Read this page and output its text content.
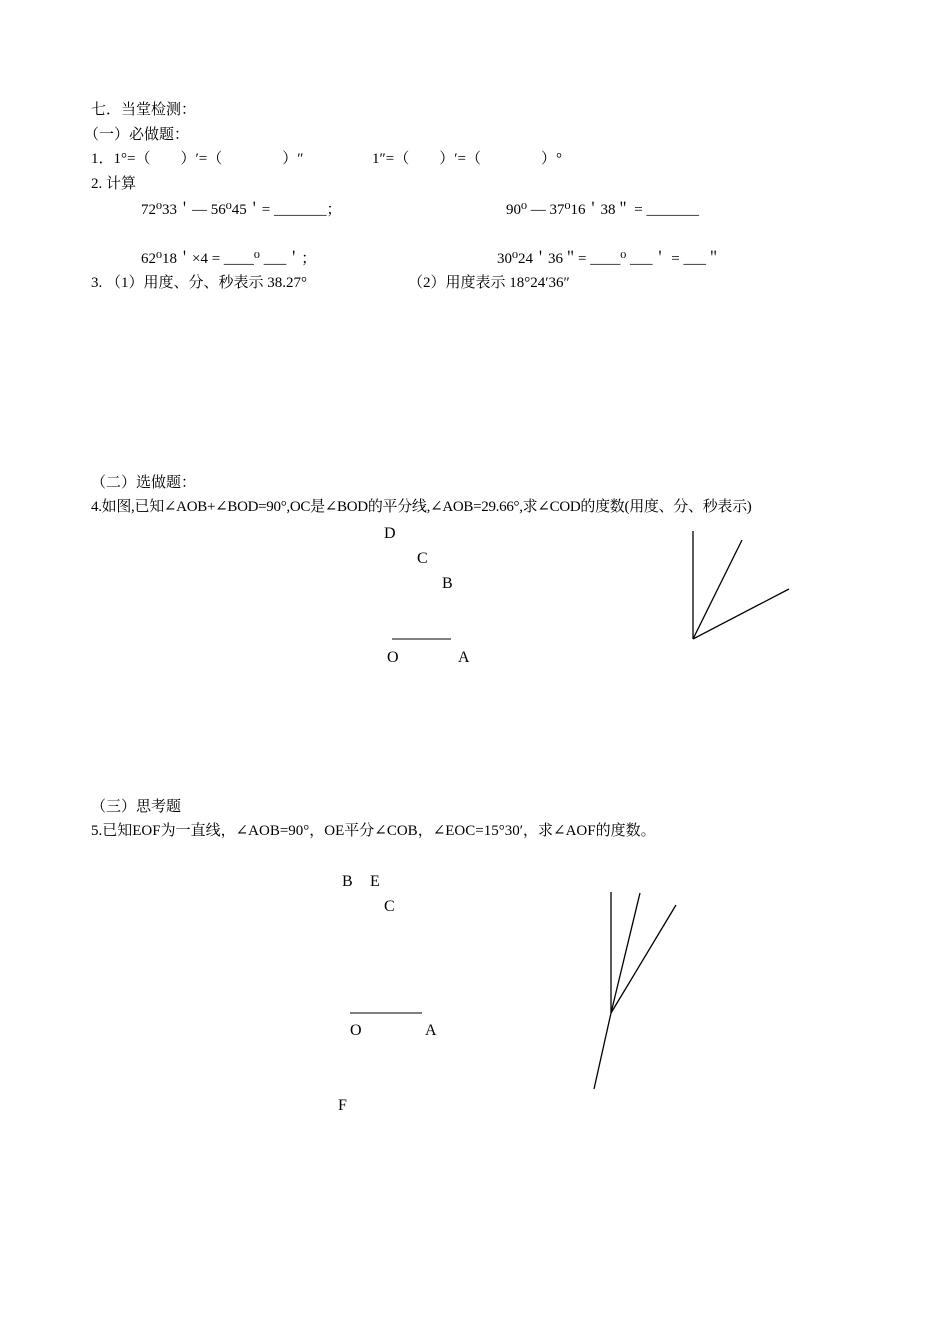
七．当堂检测：
（一）必做题：
1．1°=（　　）′=（　　　　）″	1″=（　　）′=（　　　　）°
2. 计算
72⁰33＇— 56⁰45＇= _______；	90⁰ — 37⁰16＇38＂ = _______
62⁰18＇×4 = ____⁰ ___＇；	30⁰24＇36＂= ____⁰ ___＇ = ___＂
3. （1）用度、分、秒表示 38.27°	（2）用度表示 18°24′36″
（二）选做题：
4.如图,已知∠AOB+∠BOD=90°,OC是∠BOD的平分线,∠AOB=29.66°,求∠COD的度数(用度、分、秒表示)
D
C
B
O	A
（三）思考题
5.已知EOF为一直线，∠AOB=90°，OE平分∠COB，∠EOC=15°30′，求∠AOF的度数。
B E
C
O	A
F
